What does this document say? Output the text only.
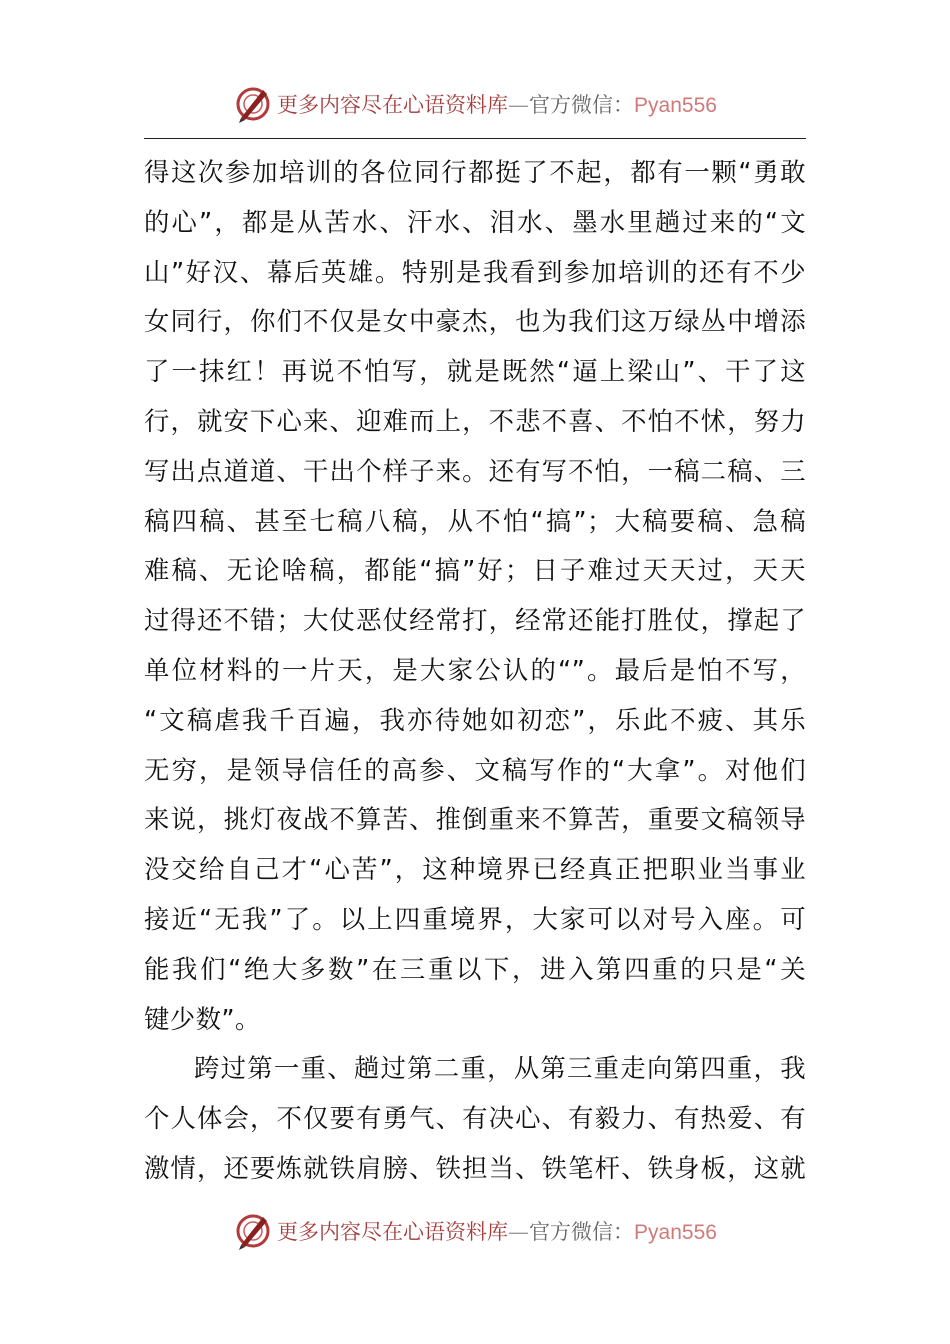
更多内容尽在心语资料库—官方微信：Pyan556
得这次参加培训的各位同行都挺了不起，都有一颗“勇敢
的心”，都是从苦水、汗水、泪水、墨水里趟过来的“文
山”好汉、幕后英雄。特别是我看到参加培训的还有不少
女同行，你们不仅是女中豪杰，也为我们这万绿丛中增添
了一抹红！再说不怕写，就是既然“逼上梁山”、干了这
行，就安下心来、迎难而上，不悲不喜、不怕不怵，努力
写出点道道、干出个样子来。还有写不怕，一稿二稿、三
稿四稿、甚至七稿八稿，从不怕“搞”；大稿要稿、急稿
难稿、无论啥稿，都能“搞”好；日子难过天天过，天天
过得还不错；大仗恶仗经常打，经常还能打胜仗，撑起了
单位材料的一片天，是大家公认的“”。最后是怕不写，
“文稿虐我千百遍，我亦待她如初恋”，乐此不疲、其乐
无穷，是领导信任的高参、文稿写作的“大拿”。对他们
来说，挑灯夜战不算苦、推倒重来不算苦，重要文稿领导
没交给自己才“心苦”，这种境界已经真正把职业当事业
接近“无我”了。以上四重境界，大家可以对号入座。可
能我们“绝大多数”在三重以下，进入第四重的只是“关
键少数”。
跨过第一重、趟过第二重，从第三重走向第四重，我
个人体会，不仅要有勇气、有决心、有毅力、有热爱、有
激情，还要炼就铁肩膀、铁担当、铁笔杆、铁身板，这就
更多内容尽在心语资料库—官方微信：Pyan556
